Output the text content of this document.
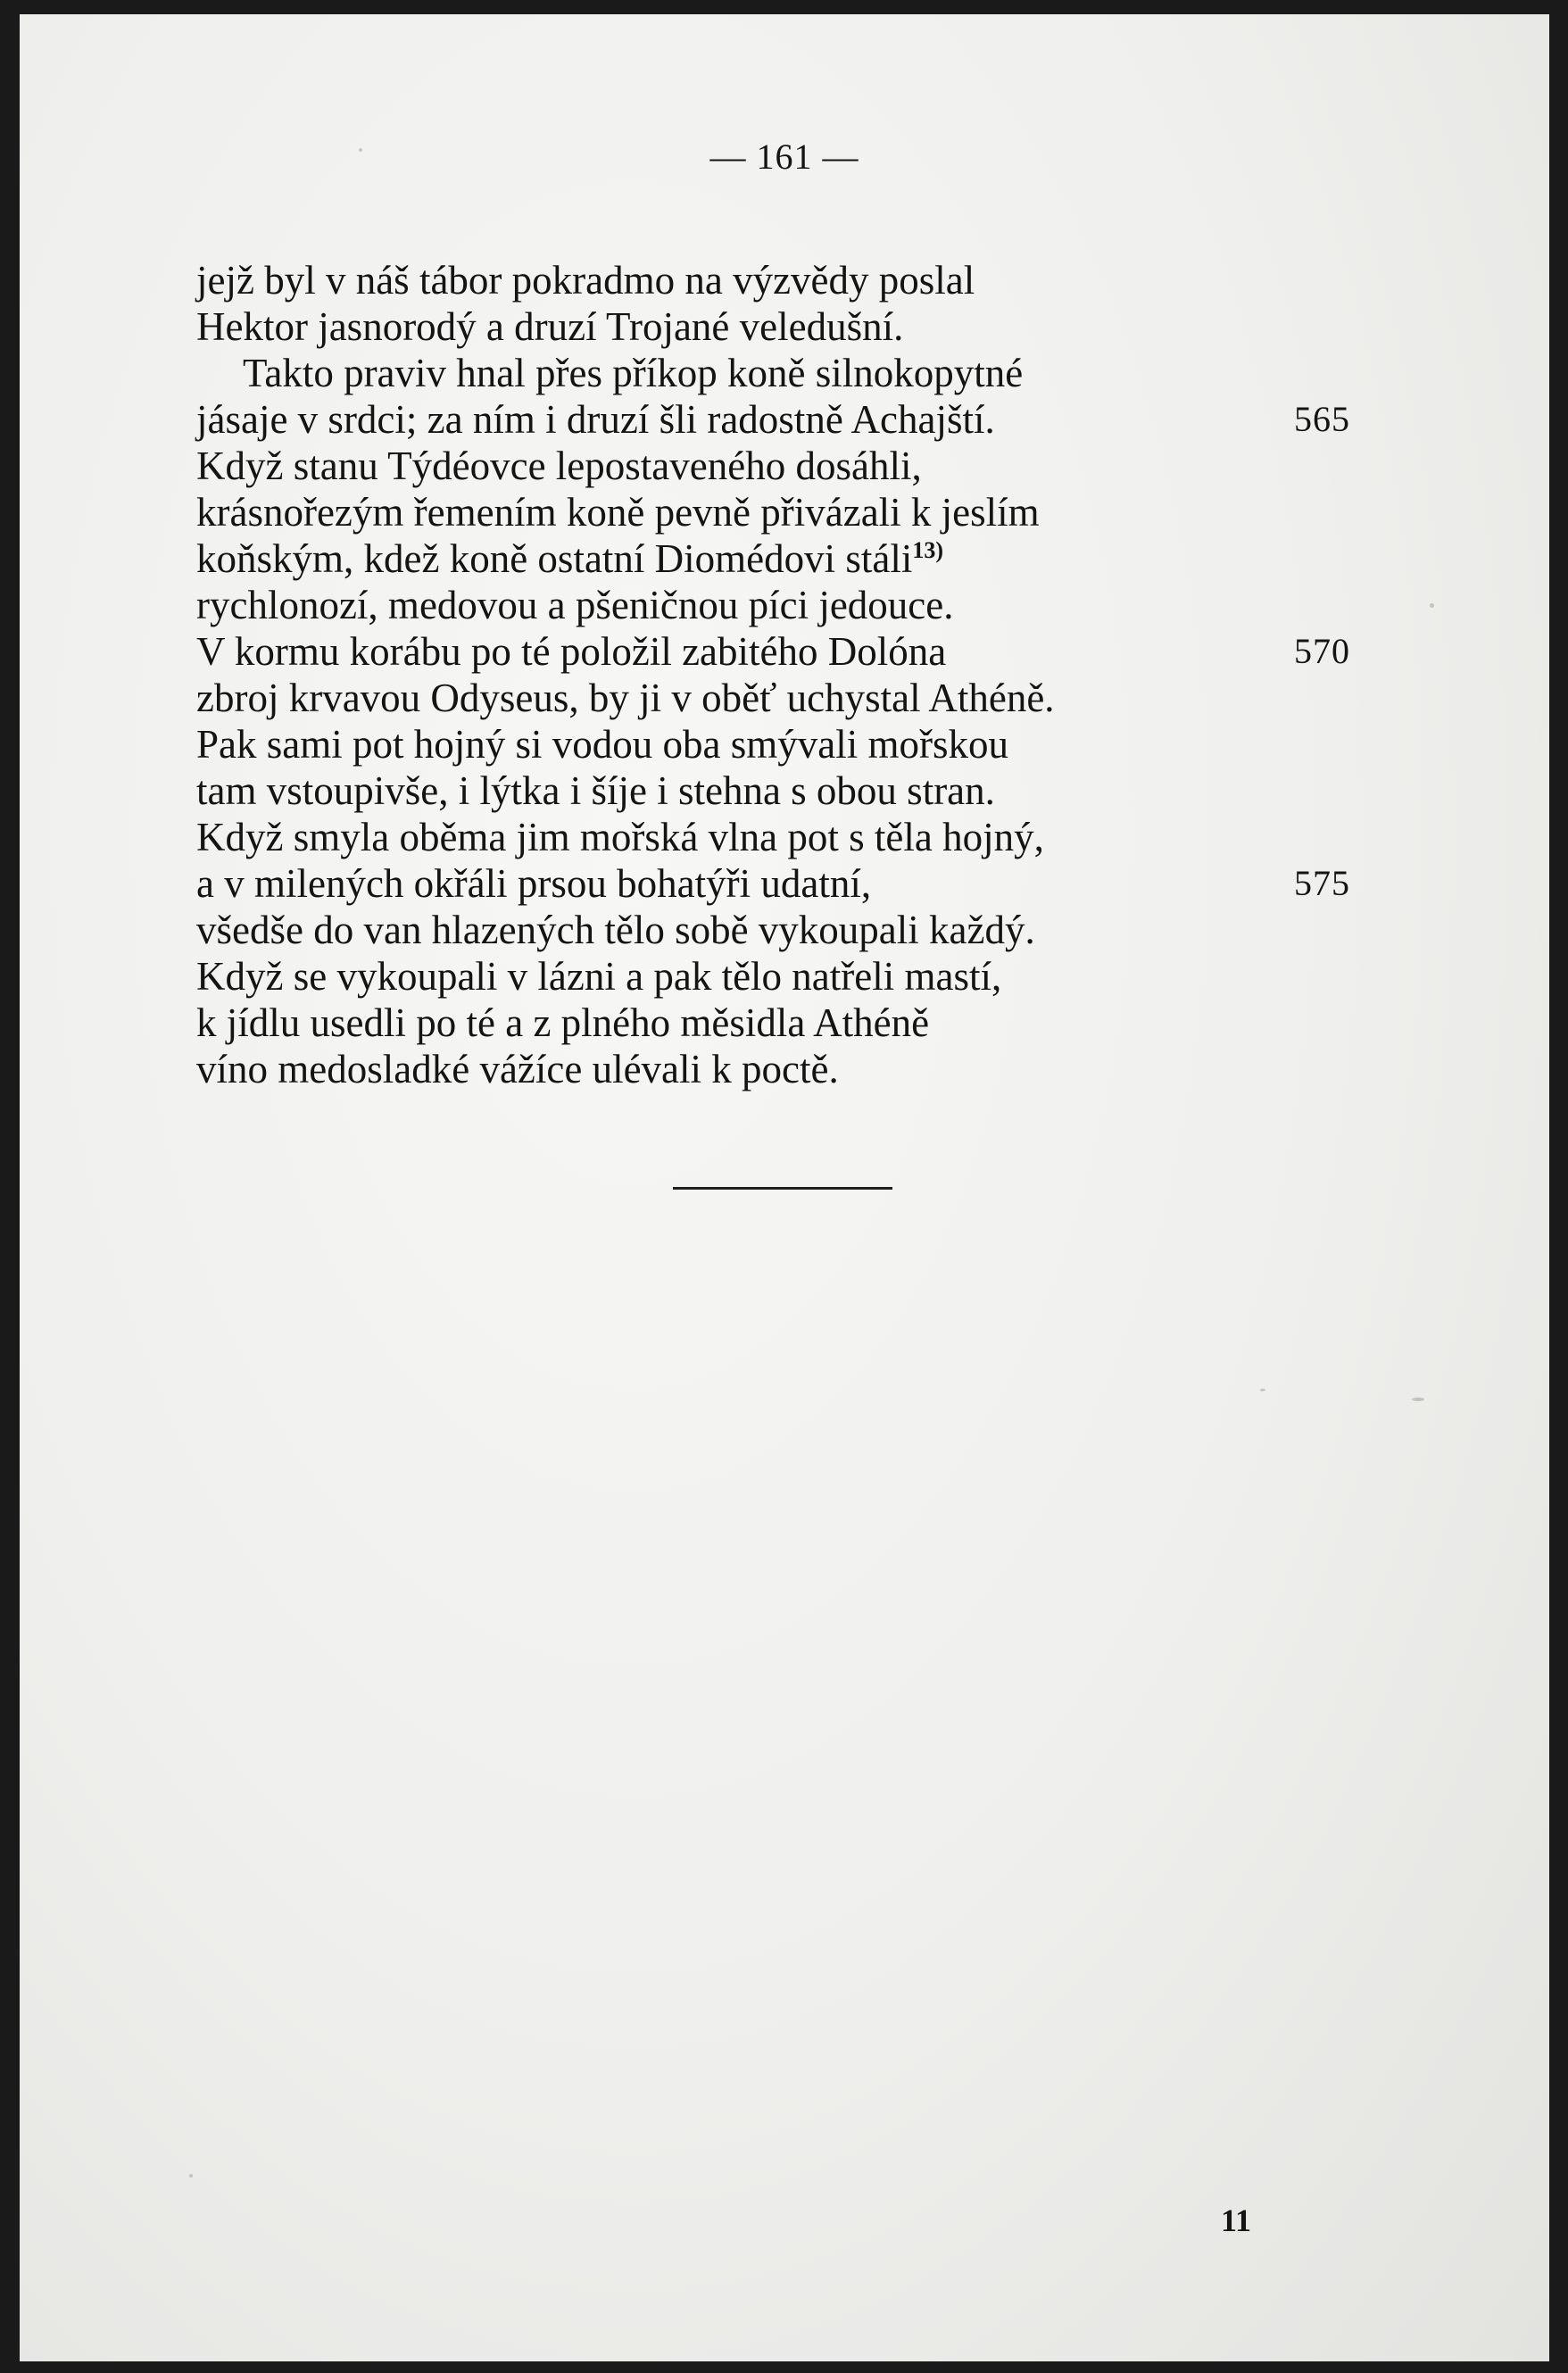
— 161 —
jejž byl v náš tábor pokradmo na výzvědy poslal
Hektor jasnorodý a druzí Trojané veledušní.
Takto praviv hnal přes příkop koně silnokopytné
jásaje v srdci; za ním i druzí šli radostně Achajští.	565
Když stanu Týdéovce lepostaveného dosáhli,
krásnořezým řemením koně pevně přivázali k jeslím
koňským, kdež koně ostatní Diomédovi stáli$^{13)}$
rychlonozí, medovou a pšeničnou píci jedouce.
V kormu korábu po té položil zabitého Dolóna	570
zbroj krvavou Odyseus, by ji v oběť uchystal Athéně.
Pak sami pot hojný si vodou oba smývali mořskou
tam vstoupivše, i lýtka i šíje i stehna s obou stran.
Když smyla oběma jim mořská vlna pot s těla hojný,
a v milených okřáli prsou bohatýři udatní,	575
všedše do van hlazených tělo sobě vykoupali každý.
Když se vykoupali v lázni a pak tělo natřeli mastí,
k jídlu usedli po té a z plného měsidla Athéně
víno medosladké vážíce ulévali k poctě.
11
